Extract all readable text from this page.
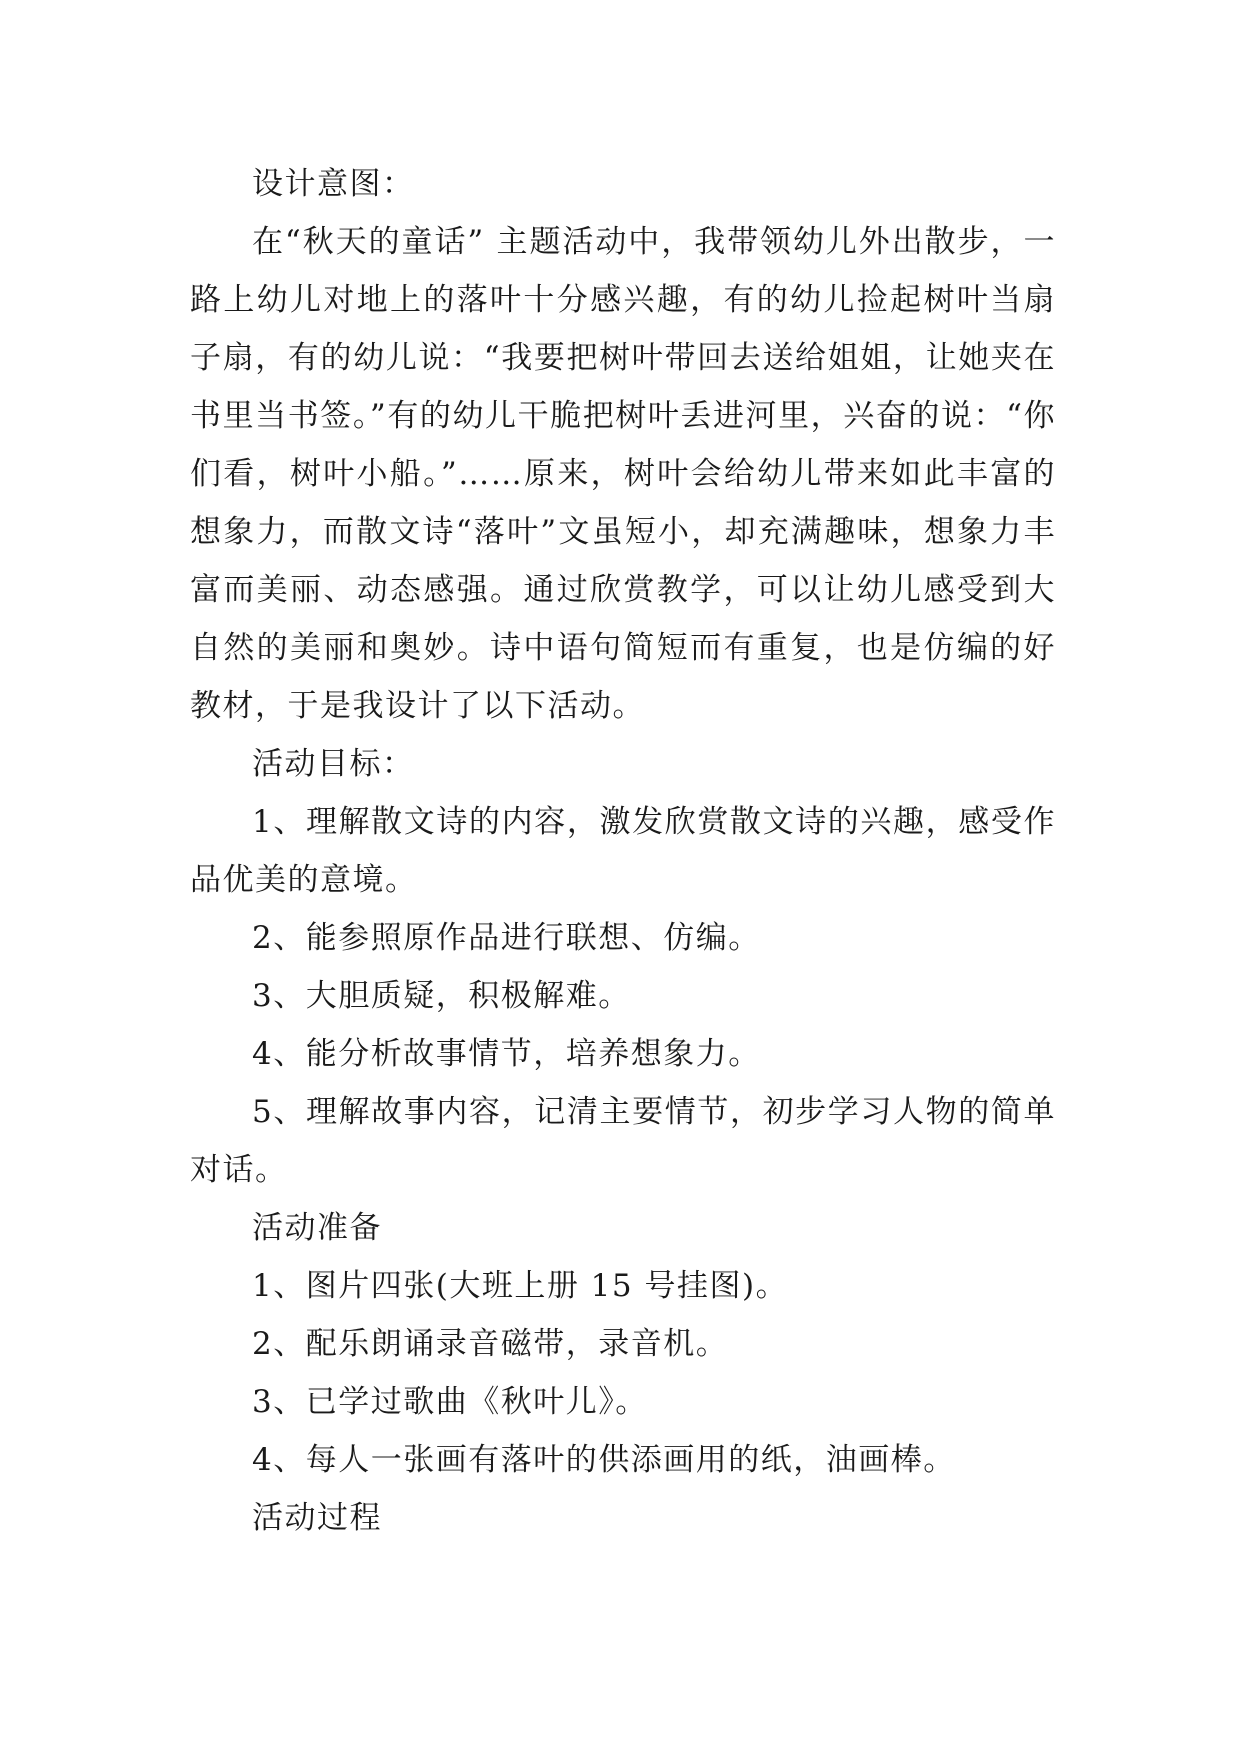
设计意图：

在“秋天的童话” 主题活动中，我带领幼儿外出散步，一路上幼儿对地上的落叶十分感兴趣，有的幼儿捡起树叶当扇子扇，有的幼儿说：“我要把树叶带回去送给姐姐，让她夹在书里当书签。”有的幼儿干脆把树叶丢进河里，兴奋的说：“你们看，树叶小船。”……原来，树叶会给幼儿带来如此丰富的想象力，而散文诗“落叶”文虽短小，却充满趣味，想象力丰富而美丽、动态感强。通过欣赏教学，可以让幼儿感受到大自然的美丽和奥妙。诗中语句简短而有重复，也是仿编的好教材，于是我设计了以下活动。

活动目标：

1、理解散文诗的内容，激发欣赏散文诗的兴趣，感受作品优美的意境。

2、能参照原作品进行联想、仿编。

3、大胆质疑，积极解难。

4、能分析故事情节，培养想象力。

5、理解故事内容，记清主要情节，初步学习人物的简单对话。

活动准备

1、图片四张(大班上册 15 号挂图)。

2、配乐朗诵录音磁带，录音机。

3、已学过歌曲《秋叶儿》。

4、每人一张画有落叶的供添画用的纸，油画棒。

活动过程
